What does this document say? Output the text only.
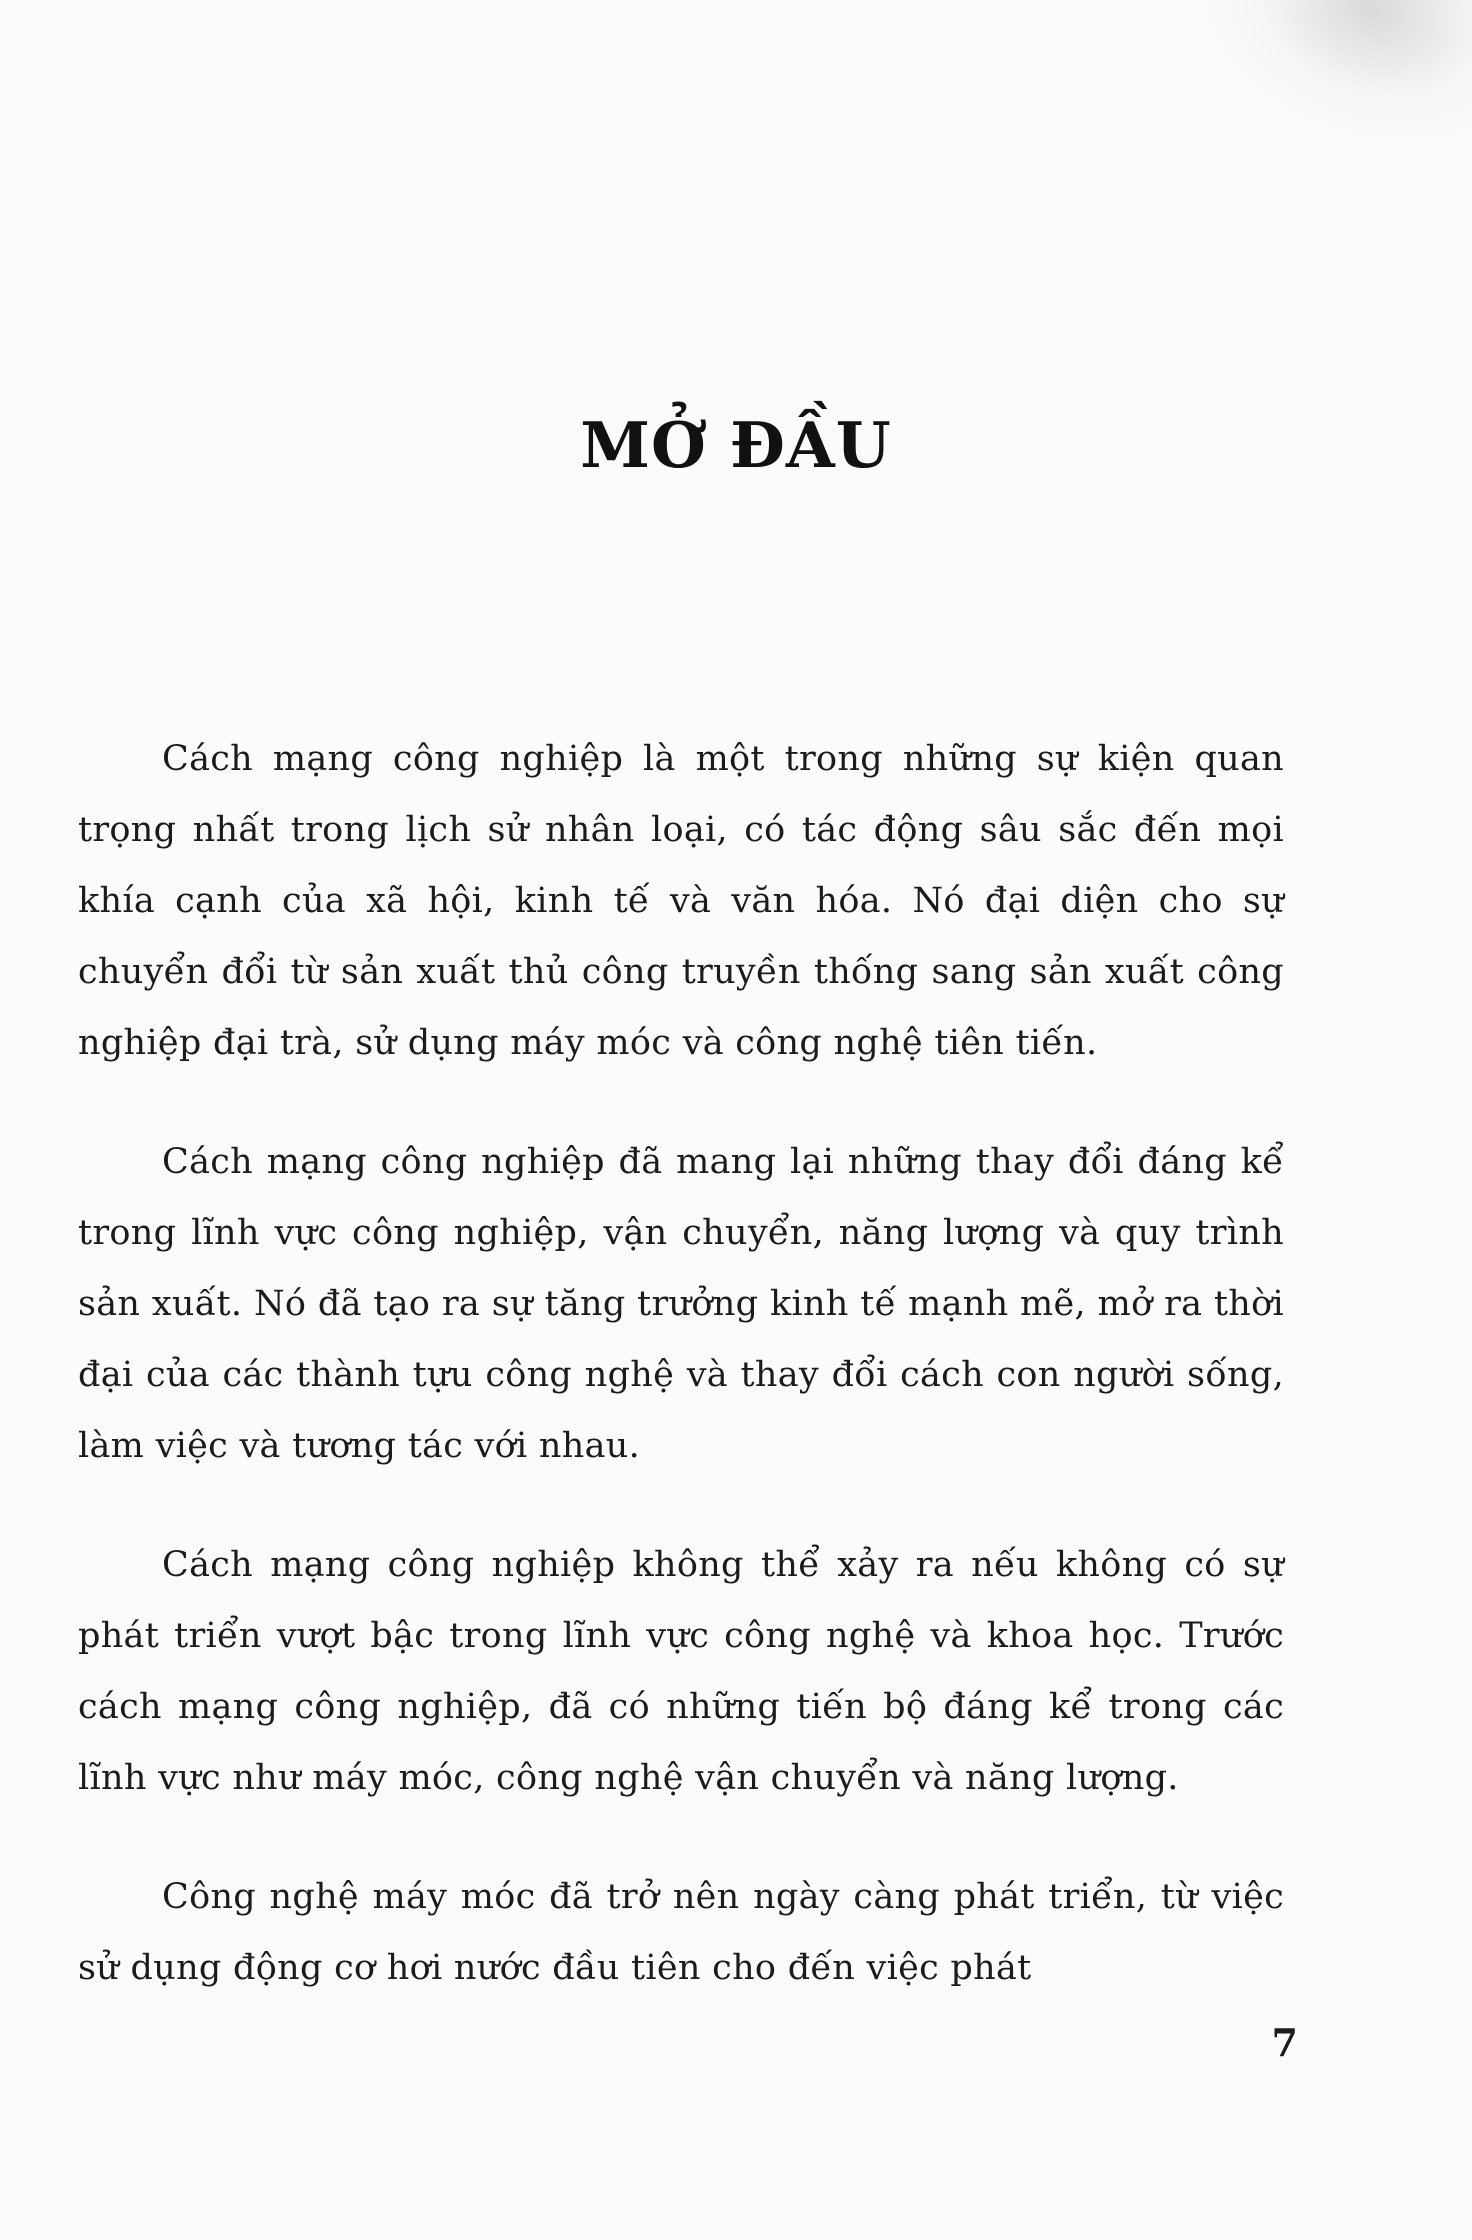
MỞ ĐẦU

Cách mạng công nghiệp là một trong những sự kiện quan trọng nhất trong lịch sử nhân loại, có tác động sâu sắc đến mọi khía cạnh của xã hội, kinh tế và văn hóa. Nó đại diện cho sự chuyển đổi từ sản xuất thủ công truyền thống sang sản xuất công nghiệp đại trà, sử dụng máy móc và công nghệ tiên tiến.

Cách mạng công nghiệp đã mang lại những thay đổi đáng kể trong lĩnh vực công nghiệp, vận chuyển, năng lượng và quy trình sản xuất. Nó đã tạo ra sự tăng trưởng kinh tế mạnh mẽ, mở ra thời đại của các thành tựu công nghệ và thay đổi cách con người sống, làm việc và tương tác với nhau.

Cách mạng công nghiệp không thể xảy ra nếu không có sự phát triển vượt bậc trong lĩnh vực công nghệ và khoa học. Trước cách mạng công nghiệp, đã có những tiến bộ đáng kể trong các lĩnh vực như máy móc, công nghệ vận chuyển và năng lượng.

Công nghệ máy móc đã trở nên ngày càng phát triển, từ việc sử dụng động cơ hơi nước đầu tiên cho đến việc phát

7
